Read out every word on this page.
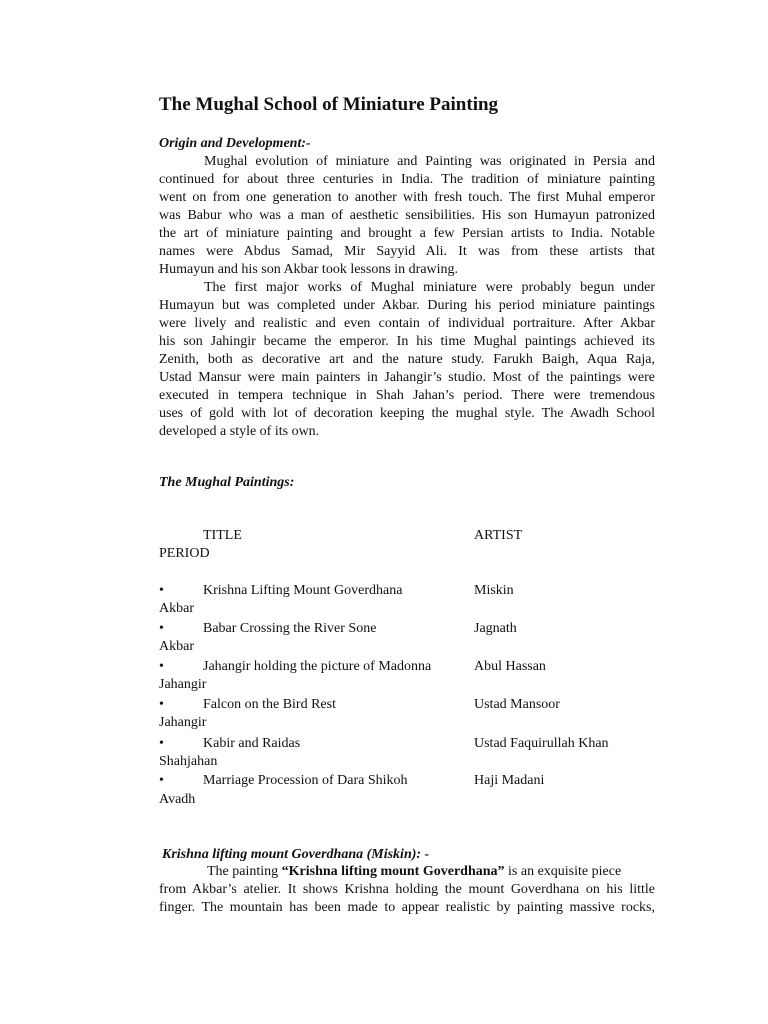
The Mughal School of Miniature Painting
Origin and Development:-
Mughal evolution of miniature and Painting was originated in Persia and
continued for about three centuries in India. The tradition of miniature painting
went on from one generation to another with fresh touch. The first Muhal emperor
was Babur who was a man of aesthetic sensibilities. His son Humayun patronized
the art of miniature painting and brought a few Persian artists to India. Notable
names were Abdus Samad, Mir Sayyid Ali. It was from these artists that
Humayun and his son Akbar took lessons in drawing.
The first major works of Mughal miniature were probably begun under
Humayun but was completed under Akbar. During his period miniature paintings
were lively and realistic and even contain of individual portraiture. After Akbar
his son Jahingir became the emperor. In his time Mughal paintings achieved its
Zenith, both as decorative art and the nature study. Farukh Baigh, Aqua Raja,
Ustad Mansur were main painters in Jahangir’s studio. Most of the paintings were
executed in tempera technique in Shah Jahan’s period. There were tremendous
uses of gold with lot of decoration keeping the mughal style. The Awadh School
developed a style of its own.
The Mughal Paintings:
TITLE	ARTIST
PERIOD
•	Krishna Lifting Mount Goverdhana	Miskin
Akbar
•	Babar Crossing the River Sone	Jagnath
Akbar
•	Jahangir holding the picture of Madonna	Abul Hassan
Jahangir
•	Falcon on the Bird Rest	Ustad Mansoor
Jahangir
•	Kabir and Raidas	Ustad Faquirullah Khan
Shahjahan
•	Marriage Procession of Dara Shikoh	Haji Madani
Avadh
Krishna lifting mount Goverdhana (Miskin): -
The painting “Krishna lifting mount Goverdhana” is an exquisite piece
from Akbar’s atelier. It shows Krishna holding the mount Goverdhana on his little
finger. The mountain has been made to appear realistic by painting massive rocks,
